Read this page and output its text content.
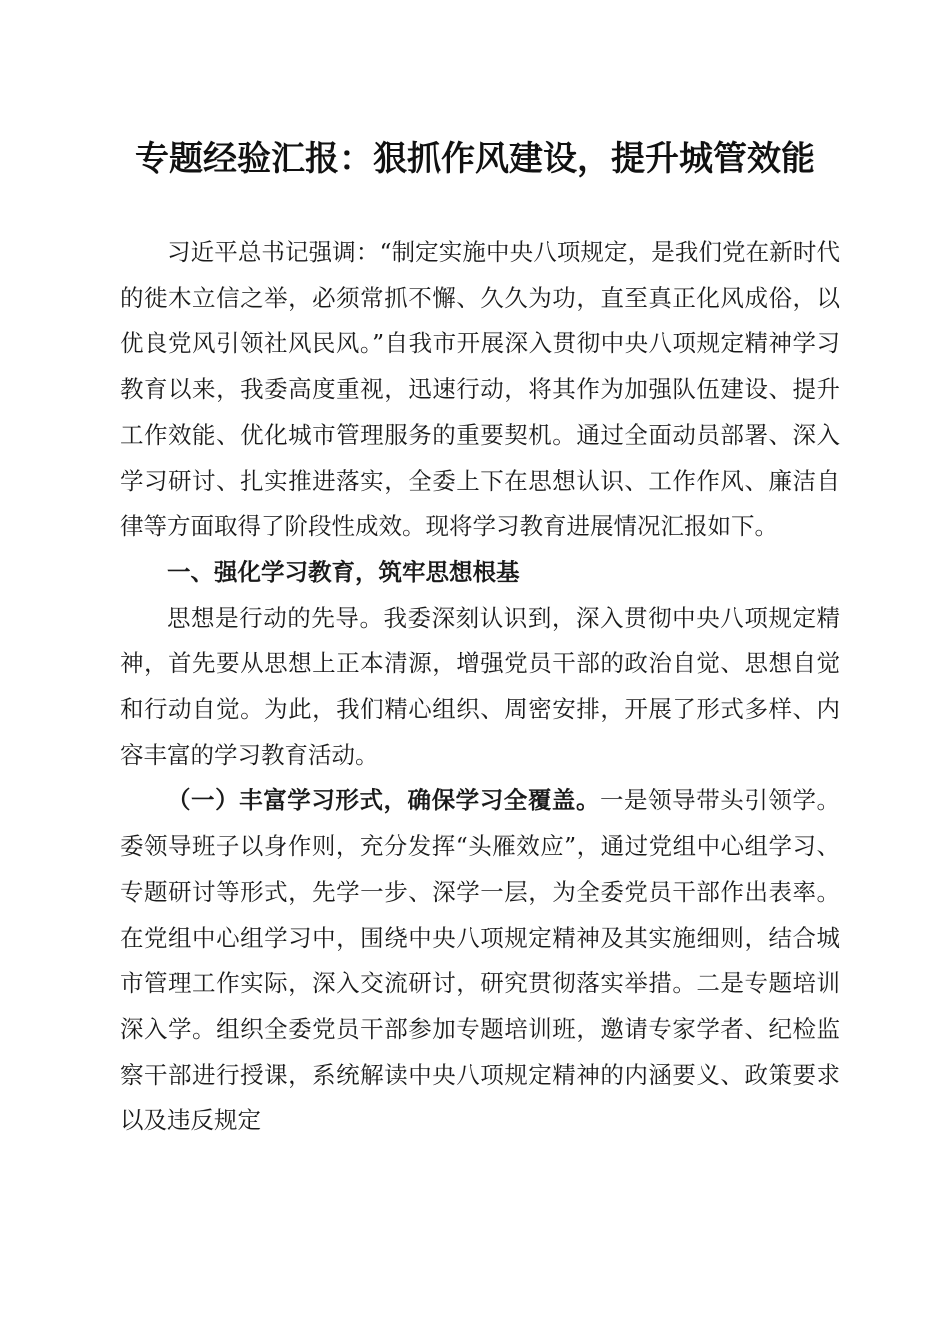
专题经验汇报：狠抓作风建设，提升城管效能

习近平总书记强调：“制定实施中央八项规定，是我们党在新时代的徙木立信之举，必须常抓不懈、久久为功，直至真正化风成俗，以优良党风引领社风民风。”自我市开展深入贯彻中央八项规定精神学习教育以来，我委高度重视，迅速行动，将其作为加强队伍建设、提升工作效能、优化城市管理服务的重要契机。通过全面动员部署、深入学习研讨、扎实推进落实，全委上下在思想认识、工作作风、廉洁自律等方面取得了阶段性成效。现将学习教育进展情况汇报如下。

一、强化学习教育，筑牢思想根基

思想是行动的先导。我委深刻认识到，深入贯彻中央八项规定精神，首先要从思想上正本清源，增强党员干部的政治自觉、思想自觉和行动自觉。为此，我们精心组织、周密安排，开展了形式多样、内容丰富的学习教育活动。

（一）丰富学习形式，确保学习全覆盖。一是领导带头引领学。委领导班子以身作则，充分发挥“头雁效应”，通过党组中心组学习、专题研讨等形式，先学一步、深学一层，为全委党员干部作出表率。在党组中心组学习中，围绕中央八项规定精神及其实施细则，结合城市管理工作实际，深入交流研讨，研究贯彻落实举措。二是专题培训深入学。组织全委党员干部参加专题培训班，邀请专家学者、纪检监察干部进行授课，系统解读中央八项规定精神的内涵要义、政策要求以及违反规定
